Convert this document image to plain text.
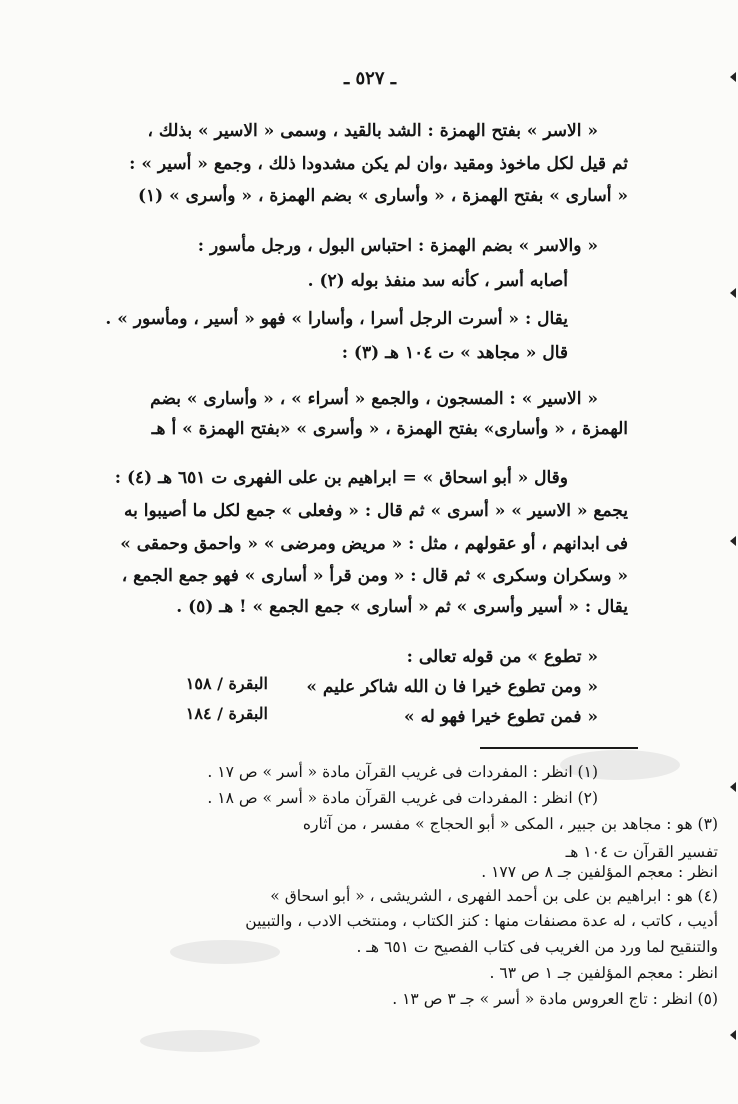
ـ ٥٢٧ ـ
« الاسر » بفتح الهمزة : الشد بالقيد ، وسمى « الاسير » بذلك ،
ثم قيل لكل ماخوذ ومقيد ،وان لم يكن مشدودا ذلك ، وجمع « أسير » :
« أسارى » بفتح الهمزة ، « وأسارى » بضم الهمزة ، « وأسرى » (١)
« والاسر » بضم الهمزة : احتباس البول ، ورجل مأسور :
أصابه أسر ، كأنه سد منفذ بوله (٢) .
يقال : « أسرت الرجل أسرا ، وأسارا » فهو « أسير ، ومأسور » .
قال « مجاهد » ت ١٠٤ هـ (٣) :
« الاسير » : المسجون ، والجمع « أسراء » ، « وأسارى » بضم
الهمزة ، « وأسارى» بفتح الهمزة ، « وأسرى » «بفتح الهمزة » أ هـ
وقال « أبو اسحاق » = ابراهيم بن على الفهرى ت ٦٥١ هـ (٤) :
يجمع « الاسير » « أسرى » ثم قال : « وفعلى » جمع لكل ما أصيبوا به
فى ابدانهم ، أو عقولهم ، مثل : « مريض ومرضى » « واحمق وحمقى »
« وسكران وسكرى » ثم قال : « ومن قرأ « أسارى » فهو جمع الجمع ،
يقال : « أسير وأسرى » ثم « أسارى » جمع الجمع » ! هـ (٥) .
« تطوع » من قوله تعالى :
« ومن تطوع خيرا فا ن الله شاكر عليم »
البقرة / ١٥٨
« فمن تطوع خيرا فهو له »
البقرة / ١٨٤
(١) انظر : المفردات فى غريب القرآن مادة « أسر » ص ١٧ .
(٢) انظر : المفردات فى غريب القرآن مادة « أسر » ص ١٨ .
(٣) هو : مجاهد بن جبير ، المكى « أبو الحجاج » مفسر ، من آثاره
تفسير القرآن ت ١٠٤ هـ
انظر : معجم المؤلفين جـ ٨ ص ١٧٧ .
(٤) هو : ابراهيم بن على بن أحمد الفهرى ، الشريشى ، « أبو اسحاق »
أديب ، كاتب ، له عدة مصنفات منها : كنز الكتاب ، ومنتخب الادب ، والتبيين
والتنقيح لما ورد من الغريب فى كتاب الفصيح ت ٦٥١ هـ .
انظر : معجم المؤلفين جـ ١ ص ٦٣ .
(٥) انظر : تاج العروس مادة « أسر » جـ ٣ ص ١٣ .
